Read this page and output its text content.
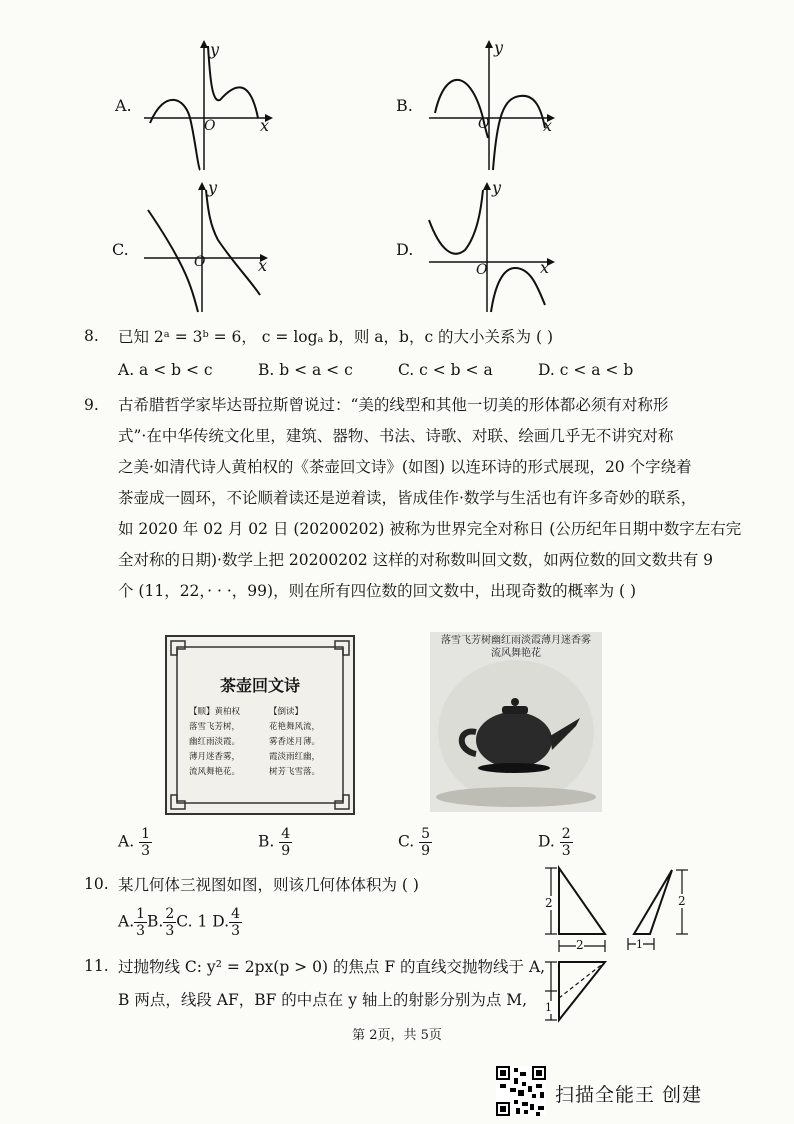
A.
y
x
O
B.
y
x
O
C.
y
x
O
D.
y
x
O
8. 已知 2ᵃ = 3ᵇ = 6， c = logₐ b，则 a，b，c 的大小关系为 ( )
A. a < b < c	B. b < a < c	C. c < b < a	D. c < a < b
9. 古希腊哲学家毕达哥拉斯曾说过：“美的线型和其他一切美的形体都必须有对称形
式”·在中华传统文化里，建筑、器物、书法、诗歌、对联、绘画几乎无不讲究对称
之美·如清代诗人黄柏权的《茶壶回文诗》(如图) 以连环诗的形式展现，20 个字绕着
茶壶成一圆环，不论顺着读还是逆着读，皆成佳作·数学与生活也有许多奇妙的联系，
如 2020 年 02 月 02 日 (20200202) 被称为世界完全对称日 (公历纪年日期中数字左右完
全对称的日期)·数学上把 20200202 这样的对称数叫回文数，如两位数的回文数共有 9
个 (11，22，· · ·，99)，则在所有四位数的回文数中，出现奇数的概率为 ( )
茶壶回文诗
【顺】黄柏权
落雪飞芳树，
幽红雨淡霞。
薄月迷香雾，
流风舞艳花。
【倒读】
花艳舞风流，
雾香迷月薄。
霞淡雨红幽，
树芳飞雪落。
落雪飞芳树幽红雨淡霞薄月迷香雾流风舞艳花
A. $\frac{1}{3}$	B. $\frac{4}{9}$	C. $\frac{5}{9}$	D. $\frac{2}{3}$
10. 某几何体三视图如图，则该几何体体积为 ( )
A. $\frac{1}{3} B$. $\frac{2}{3} C$. 1 D. $\frac{4}{3}$
2
2
2
1
1
11. 过抛物线 C: y² = 2px(p > 0) 的焦点 F 的直线交抛物线于 A,
B 两点，线段 AF，BF 的中点在 y 轴上的射影分别为点 M,
第 2页，共 5页
扫描全能王 创建
